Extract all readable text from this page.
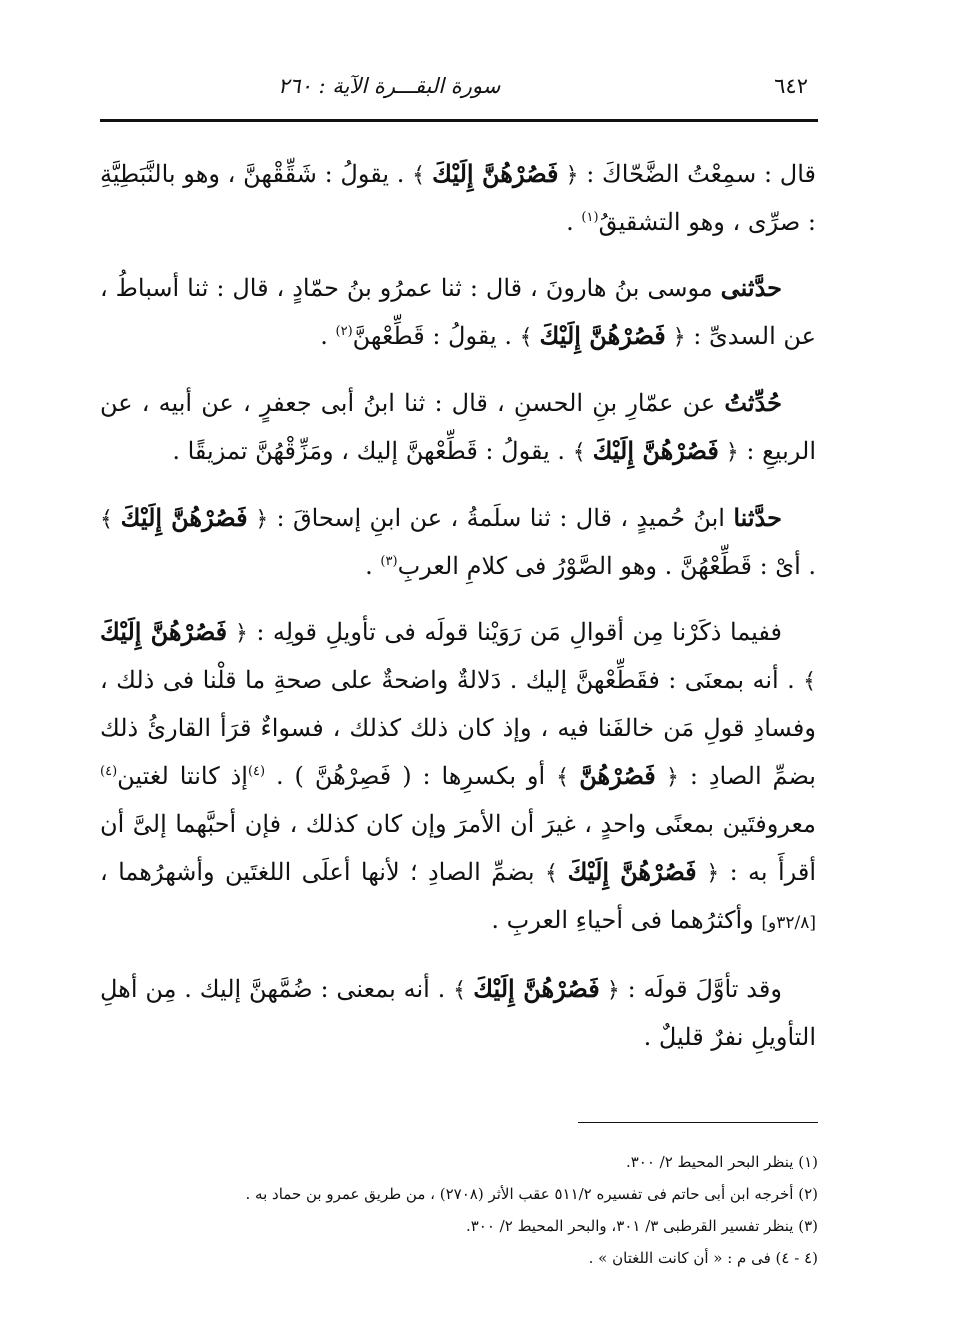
٦٤٢
سورة البقـــرة الآية : ٢٦٠

قال : سمِعْتُ الضَّحّاكَ : ﴿ فَصُرْهُنَّ إِلَيْكَ ﴾ . يقولُ : شَقِّقْهنَّ ، وهو بالنَّبَطِيَّةِ : صرِّى ، وهو التشقيقُ$^{(١)}$ .

حدَّثنى موسى بنُ هارونَ ، قال : ثنا عمرُو بنُ حمّادٍ ، قال : ثنا أسباطُ ، عن السدىِّ : ﴿ فَصُرْهُنَّ إِلَيْكَ ﴾ . يقولُ : قَطِّعْهنَّ$^{(٢)}$ .

حُدِّثتُ عن عمّارِ بنِ الحسنِ ، قال : ثنا ابنُ أبى جعفرٍ ، عن أبيه ، عن الربيعِ : ﴿ فَصُرْهُنَّ إِلَيْكَ ﴾ . يقولُ : قَطِّعْهنَّ إليك ، ومَزِّقْهُنَّ تمزيقًا .

حدَّثنا ابنُ حُميدٍ ، قال : ثنا سلَمةُ ، عن ابنِ إسحاقَ : ﴿ فَصُرْهُنَّ إِلَيْكَ ﴾ . أىْ : قَطِّعْهُنَّ . وهو الصَّوْرُ فى كلامِ العربِ$^{(٣)}$ .

ففيما ذكَرْنا مِن أقوالِ مَن رَوَيْنا قولَه فى تأويلِ قولِه : ﴿ فَصُرْهُنَّ إِلَيْكَ ﴾ . أنه بمعنَى : فقَطِّعْهنَّ إليك . دَلالةٌ واضحةٌ على صحةِ ما قلْنا فى ذلك ، وفسادِ قولِ مَن خالفَنا فيه ، وإذ كان ذلك كذلك ، فسواءٌ قرَأ القارئُ ذلك بضمِّ الصادِ : ﴿ فَصُرْهُنَّ ﴾ أو بكسرِها : ( فَصِرْهُنَّ ) . $^{(٤)}$إذ كانتا لغتين$^{(٤)}$ معروفتَين بمعنًى واحدٍ ، غيرَ أن الأمرَ وإن كان كذلك ، فإن أحبَّهما إلىَّ أن أقرأَ به : ﴿ فَصُرْهُنَّ إِلَيْكَ ﴾ بضمِّ الصادِ ؛ لأنها أعلَى اللغتَين وأشهرُهما ، [٣٢/٨و] وأكثرُهما فى أحياءِ العربِ .

وقد تأوَّلَ قولَه : ﴿ فَصُرْهُنَّ إِلَيْكَ ﴾ . أنه بمعنى : ضُمَّهنَّ إليك . مِن أهلِ التأويلِ نفرٌ قليلٌ .

(١) ينظر البحر المحيط ٢/ ٣٠٠.
(٢) أخرجه ابن أبى حاتم فى تفسيره ٥١١/٢ عقب الأثر (٢٧٠٨) ، من طريق عمرو بن حماد به .
(٣) ينظر تفسير القرطبى ٣/ ٣٠١، والبحر المحيط ٢/ ٣٠٠.
(٤ - ٤) فى م : « أن كانت اللغتان » .
